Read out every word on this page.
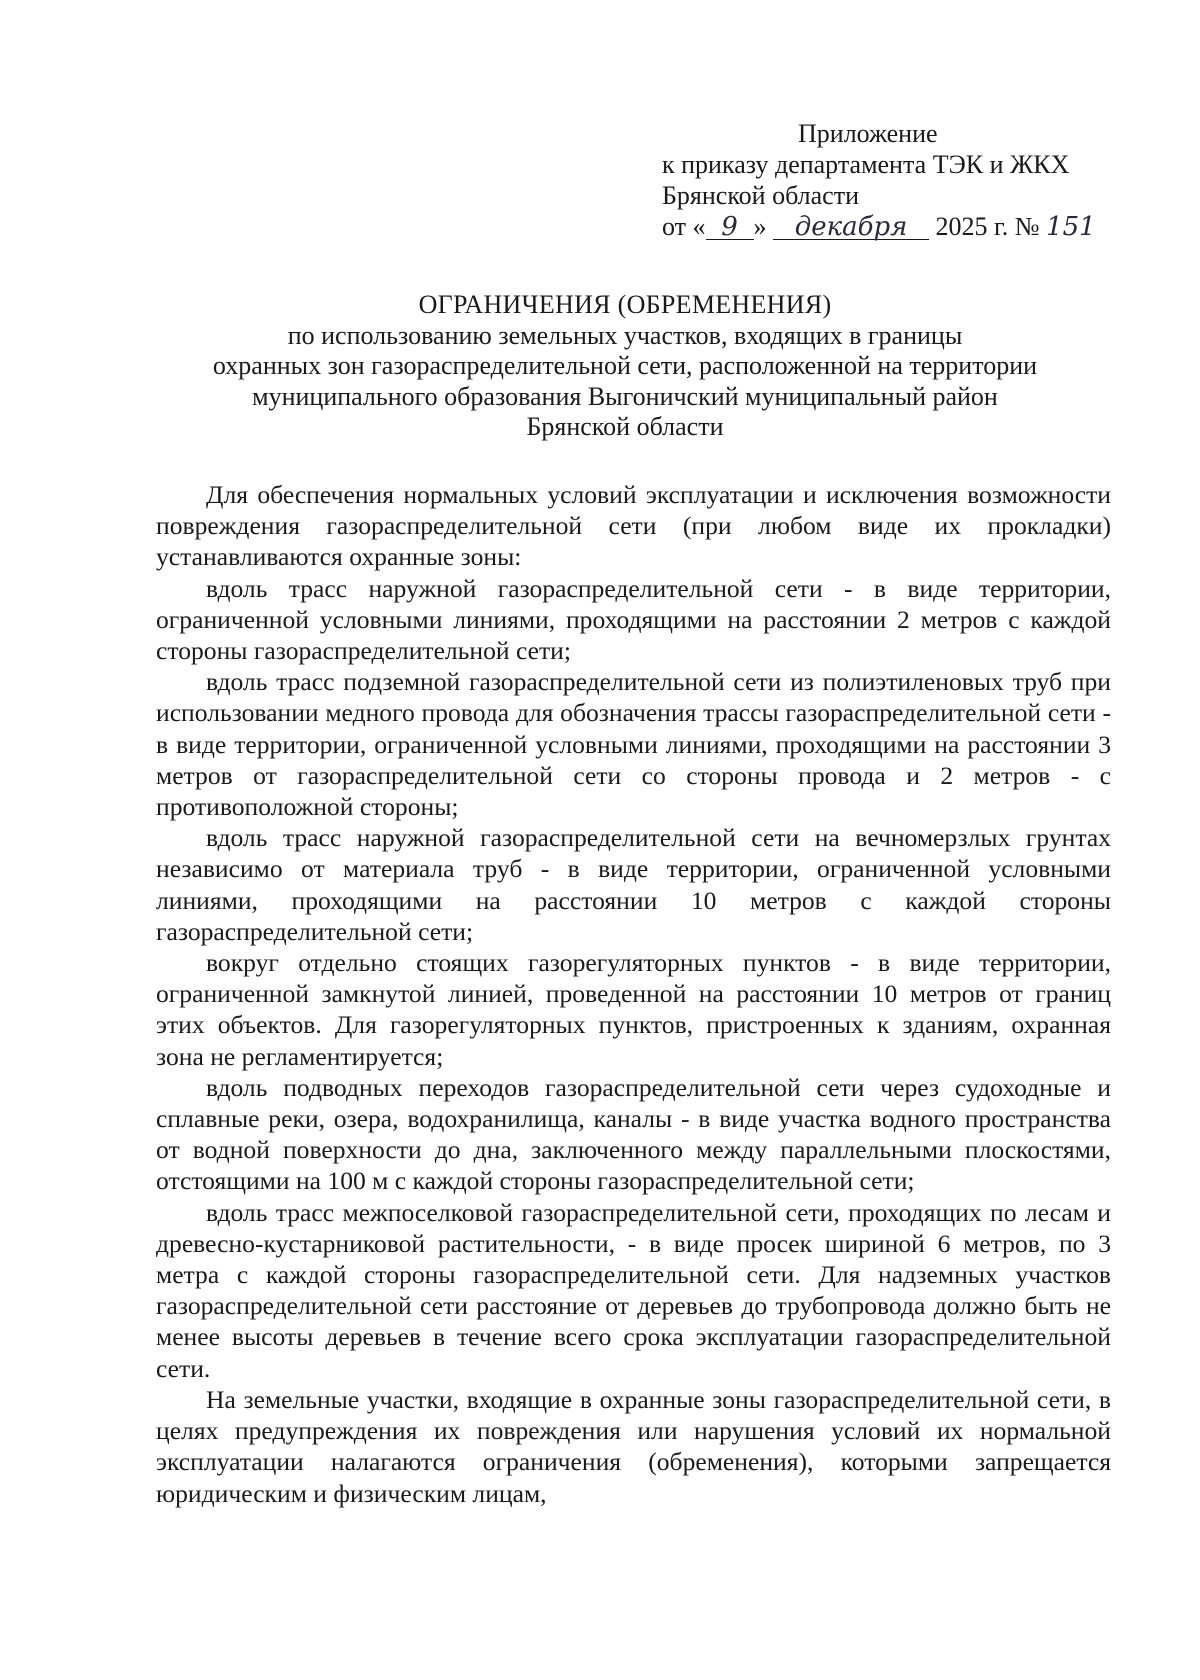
Приложение
к приказу департамента ТЭК и ЖКХ
Брянской области
от « 9 » декабря 2025 г. № 151
ОГРАНИЧЕНИЯ (ОБРЕМЕНЕНИЯ)
по использованию земельных участков, входящих в границы
охранных зон газораспределительной сети, расположенной на территории
муниципального образования Выгоничский муниципальный район
Брянской области

Для обеспечения нормальных условий эксплуатации и исключения возможности повреждения газораспределительной сети (при любом виде их прокладки) устанавливаются охранные зоны:

вдоль трасс наружной газораспределительной сети - в виде территории, ограниченной условными линиями, проходящими на расстоянии 2 метров с каждой стороны газораспределительной сети;

вдоль трасс подземной газораспределительной сети из полиэтиленовых труб при использовании медного провода для обозначения трассы газораспределительной сети - в виде территории, ограниченной условными линиями, проходящими на расстоянии 3 метров от газораспределительной сети со стороны провода и 2 метров - с противоположной стороны;

вдоль трасс наружной газораспределительной сети на вечномерзлых грунтах независимо от материала труб - в виде территории, ограниченной условными линиями, проходящими на расстоянии 10 метров с каждой стороны газораспределительной сети;

вокруг отдельно стоящих газорегуляторных пунктов - в виде территории, ограниченной замкнутой линией, проведенной на расстоянии 10 метров от границ этих объектов. Для газорегуляторных пунктов, пристроенных к зданиям, охранная зона не регламентируется;

вдоль подводных переходов газораспределительной сети через судоходные и сплавные реки, озера, водохранилища, каналы - в виде участка водного пространства от водной поверхности до дна, заключенного между параллельными плоскостями, отстоящими на 100 м с каждой стороны газораспределительной сети;

вдоль трасс межпоселковой газораспределительной сети, проходящих по лесам и древесно-кустарниковой растительности, - в виде просек шириной 6 метров, по 3 метра с каждой стороны газораспределительной сети. Для надземных участков газораспределительной сети расстояние от деревьев до трубопровода должно быть не менее высоты деревьев в течение всего срока эксплуатации газораспределительной сети.

На земельные участки, входящие в охранные зоны газораспределительной сети, в целях предупреждения их повреждения или нарушения условий их нормальной эксплуатации налагаются ограничения (обременения), которыми запрещается юридическим и физическим лицам,
